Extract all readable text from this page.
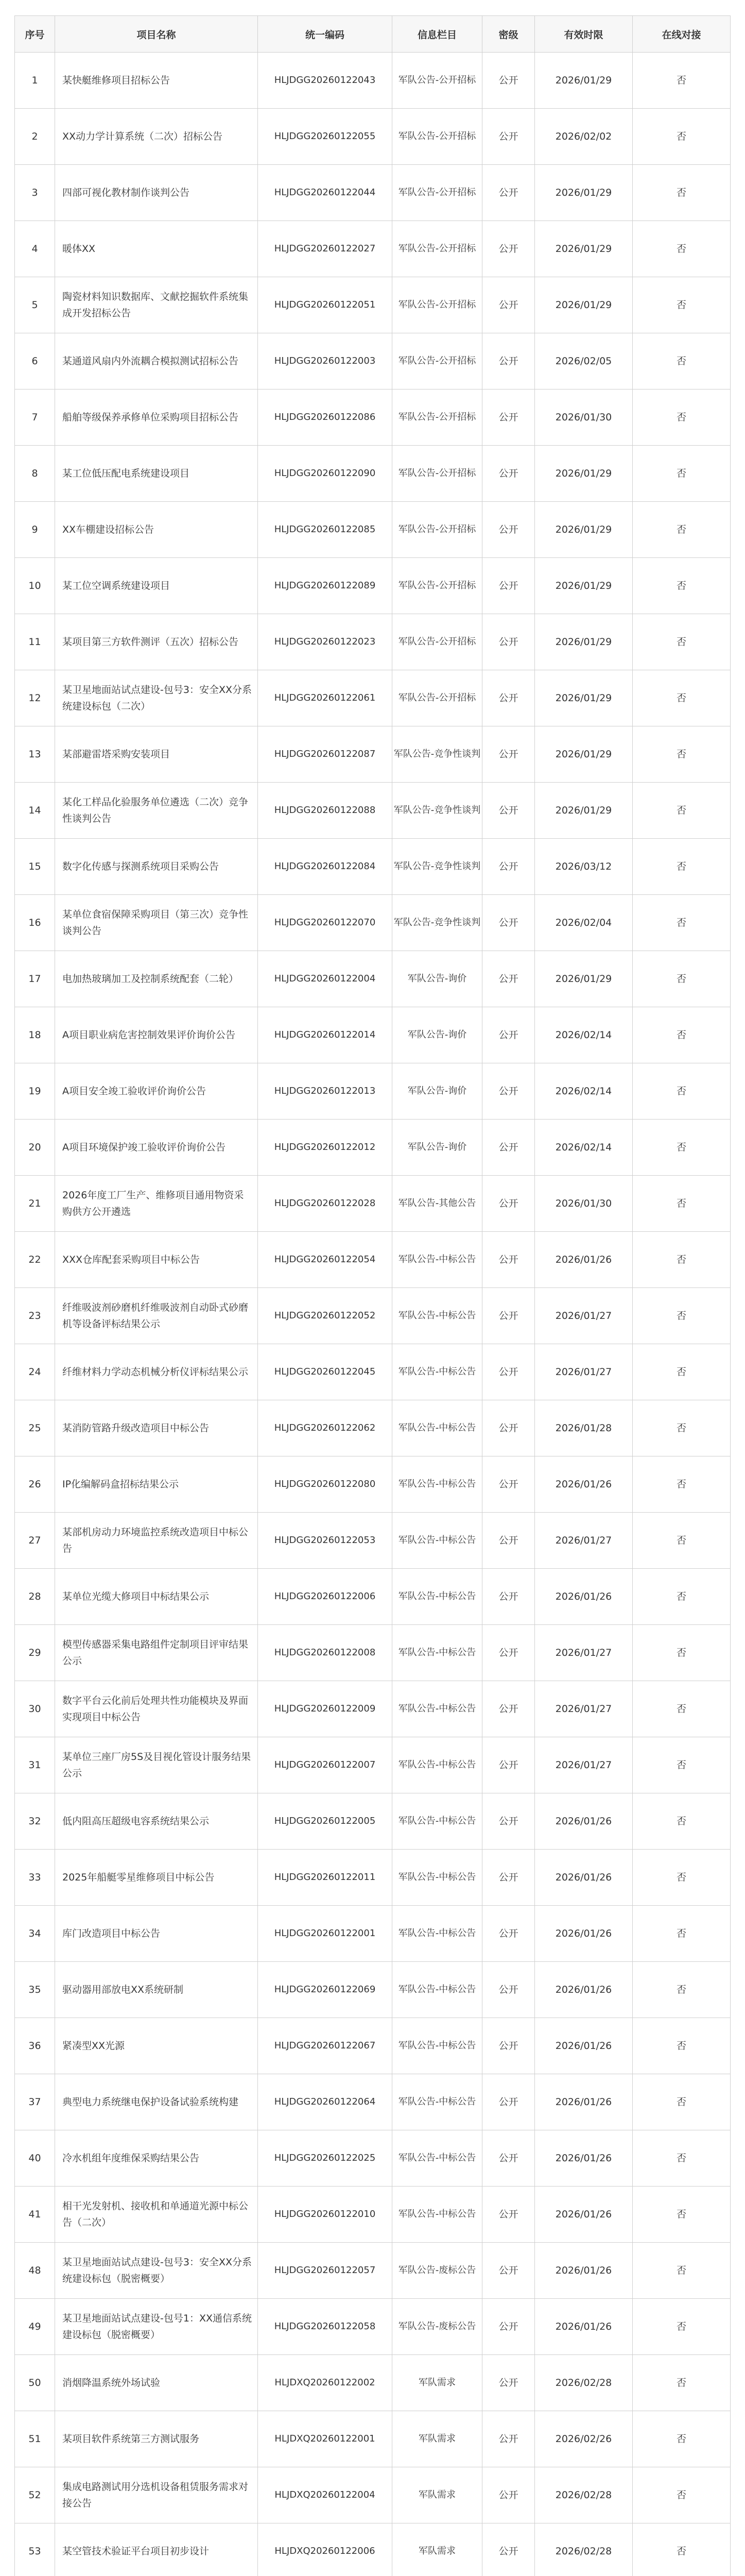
序号	项目名称	统一编码	信息栏目	密级	有效时限	在线对接
1	某快艇维修项目招标公告	HLJDGG20260122043	军队公告-公开招标	公开	2026/01/29	否
2	XX动力学计算系统（二次）招标公告	HLJDGG20260122055	军队公告-公开招标	公开	2026/02/02	否
3	四部可视化教材制作谈判公告	HLJDGG20260122044	军队公告-公开招标	公开	2026/01/29	否
4	暖体XX	HLJDGG20260122027	军队公告-公开招标	公开	2026/01/29	否
5	陶瓷材料知识数据库、文献挖掘软件系统集成开发招标公告	HLJDGG20260122051	军队公告-公开招标	公开	2026/01/29	否
6	某通道风扇内外流耦合模拟测试招标公告	HLJDGG20260122003	军队公告-公开招标	公开	2026/02/05	否
7	船舶等级保养承修单位采购项目招标公告	HLJDGG20260122086	军队公告-公开招标	公开	2026/01/30	否
8	某工位低压配电系统建设项目	HLJDGG20260122090	军队公告-公开招标	公开	2026/01/29	否
9	XX车棚建设招标公告	HLJDGG20260122085	军队公告-公开招标	公开	2026/01/29	否
10	某工位空调系统建设项目	HLJDGG20260122089	军队公告-公开招标	公开	2026/01/29	否
11	某项目第三方软件测评（五次）招标公告	HLJDGG20260122023	军队公告-公开招标	公开	2026/01/29	否
12	某卫星地面站试点建设-包号3：安全XX分系统建设标包（二次）	HLJDGG20260122061	军队公告-公开招标	公开	2026/01/29	否
13	某部避雷塔采购安装项目	HLJDGG20260122087	军队公告-竞争性谈判	公开	2026/01/29	否
14	某化工样品化验服务单位遴选（二次）竞争性谈判公告	HLJDGG20260122088	军队公告-竞争性谈判	公开	2026/01/29	否
15	数字化传感与探测系统项目采购公告	HLJDGG20260122084	军队公告-竞争性谈判	公开	2026/03/12	否
16	某单位食宿保障采购项目（第三次）竞争性谈判公告	HLJDGG20260122070	军队公告-竞争性谈判	公开	2026/02/04	否
17	电加热玻璃加工及控制系统配套（二轮）	HLJDGG20260122004	军队公告-询价	公开	2026/01/29	否
18	A项目职业病危害控制效果评价询价公告	HLJDGG20260122014	军队公告-询价	公开	2026/02/14	否
19	A项目安全竣工验收评价询价公告	HLJDGG20260122013	军队公告-询价	公开	2026/02/14	否
20	A项目环境保护竣工验收评价询价公告	HLJDGG20260122012	军队公告-询价	公开	2026/02/14	否
21	2026年度工厂生产、维修项目通用物资采购供方公开遴选	HLJDGG20260122028	军队公告-其他公告	公开	2026/01/30	否
22	XXX仓库配套采购项目中标公告	HLJDGG20260122054	军队公告-中标公告	公开	2026/01/26	否
23	纤维吸波剂砂磨机纤维吸波剂自动卧式砂磨机等设备评标结果公示	HLJDGG20260122052	军队公告-中标公告	公开	2026/01/27	否
24	纤维材料力学动态机械分析仪评标结果公示	HLJDGG20260122045	军队公告-中标公告	公开	2026/01/27	否
25	某消防管路升级改造项目中标公告	HLJDGG20260122062	军队公告-中标公告	公开	2026/01/28	否
26	IP化编解码盒招标结果公示	HLJDGG20260122080	军队公告-中标公告	公开	2026/01/26	否
27	某部机房动力环境监控系统改造项目中标公告	HLJDGG20260122053	军队公告-中标公告	公开	2026/01/27	否
28	某单位光缆大修项目中标结果公示	HLJDGG20260122006	军队公告-中标公告	公开	2026/01/26	否
29	模型传感器采集电路组件定制项目评审结果公示	HLJDGG20260122008	军队公告-中标公告	公开	2026/01/27	否
30	数字平台云化前后处理共性功能模块及界面实现项目中标公告	HLJDGG20260122009	军队公告-中标公告	公开	2026/01/27	否
31	某单位三座厂房5S及目视化管设计服务结果公示	HLJDGG20260122007	军队公告-中标公告	公开	2026/01/27	否
32	低内阻高压超级电容系统结果公示	HLJDGG20260122005	军队公告-中标公告	公开	2026/01/26	否
33	2025年船艇零星维修项目中标公告	HLJDGG20260122011	军队公告-中标公告	公开	2026/01/26	否
34	库门改造项目中标公告	HLJDGG20260122001	军队公告-中标公告	公开	2026/01/26	否
35	驱动器用部放电XX系统研制	HLJDGG20260122069	军队公告-中标公告	公开	2026/01/26	否
36	紧凑型XX光源	HLJDGG20260122067	军队公告-中标公告	公开	2026/01/26	否
37	典型电力系统继电保护设备试验系统构建	HLJDGG20260122064	军队公告-中标公告	公开	2026/01/26	否
40	冷水机组年度维保采购结果公告	HLJDGG20260122025	军队公告-中标公告	公开	2026/01/26	否
41	相干光发射机、接收机和单通道光源中标公告（二次）	HLJDGG20260122010	军队公告-中标公告	公开	2026/01/26	否
48	某卫星地面站试点建设-包号3：安全XX分系统建设标包（脱密概要）	HLJDGG20260122057	军队公告-废标公告	公开	2026/01/26	否
49	某卫星地面站试点建设-包号1：XX通信系统建设标包（脱密概要）	HLJDGG20260122058	军队公告-废标公告	公开	2026/01/26	否
50	消烟降温系统外场试验	HLJDXQ20260122002	军队需求	公开	2026/02/28	否
51	某项目软件系统第三方测试服务	HLJDXQ20260122001	军队需求	公开	2026/02/26	否
52	集成电路测试用分选机设备租赁服务需求对接公告	HLJDXQ20260122004	军队需求	公开	2026/02/28	否
53	某空管技术验证平台项目初步设计	HLJDXQ20260122006	军队需求	公开	2026/02/28	否
